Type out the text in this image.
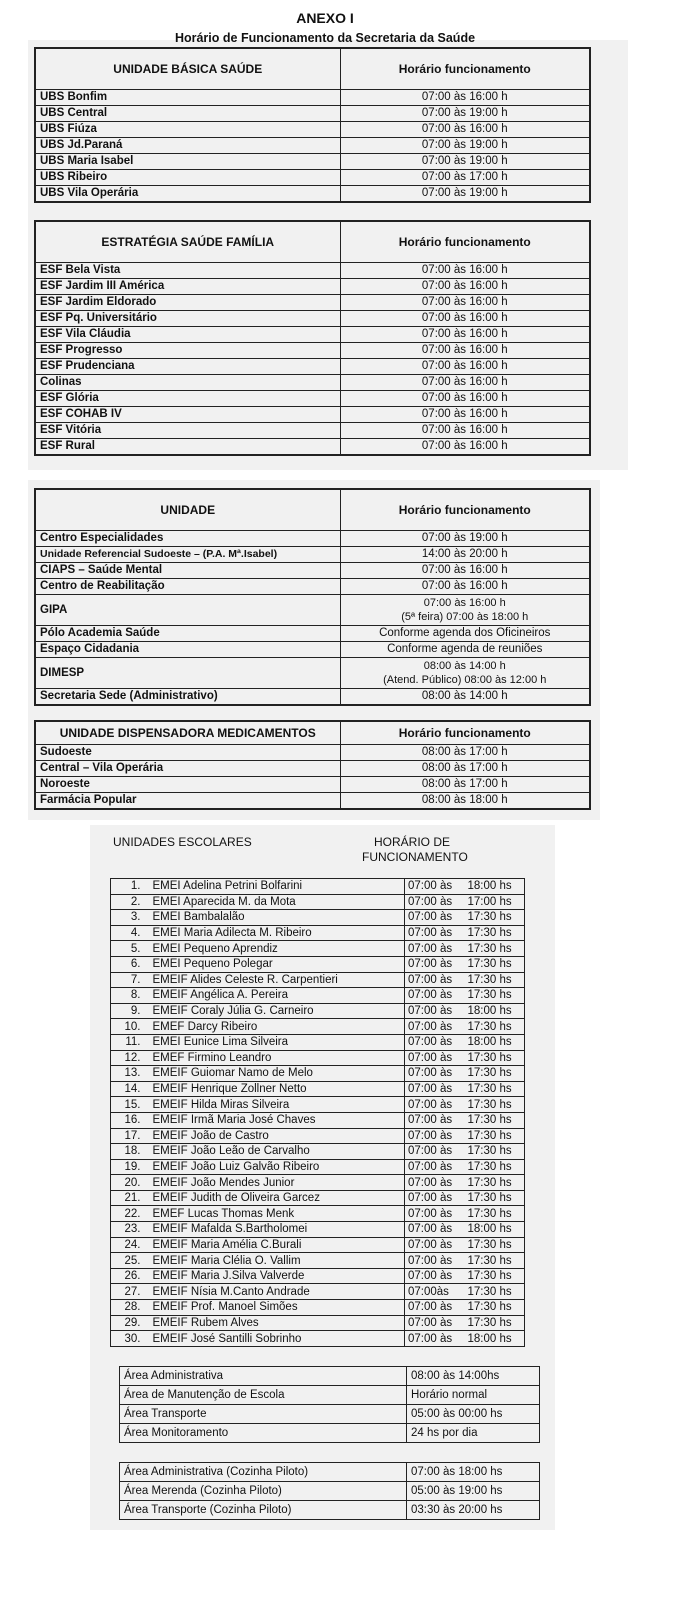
ANEXO I
Horário de Funcionamento da Secretaria da Saúde
UNIDADE BÁSICA SAÚDE	Horário funcionamento
UBS Bonfim	07:00 às 16:00 h
UBS Central	07:00 às 19:00 h
UBS Fiúza	07:00 às 16:00 h
UBS Jd.Paraná	07:00 às 19:00 h
UBS Maria Isabel	07:00 às 19:00 h
UBS Ribeiro	07:00 às 17:00 h
UBS Vila Operária	07:00 às 19:00 h
ESTRATÉGIA SAÚDE FAMÍLIA	Horário funcionamento
ESF Bela Vista	07:00 às 16:00 h
ESF Jardim III América	07:00 às 16:00 h
ESF Jardim Eldorado	07:00 às 16:00 h
ESF Pq. Universitário	07:00 às 16:00 h
ESF Vila Cláudia	07:00 às 16:00 h
ESF Progresso	07:00 às 16:00 h
ESF Prudenciana	07:00 às 16:00 h
Colinas	07:00 às 16:00 h
ESF Glória	07:00 às 16:00 h
ESF COHAB IV	07:00 às 16:00 h
ESF Vitória	07:00 às 16:00 h
ESF Rural	07:00 às 16:00 h
UNIDADE	Horário funcionamento
Centro Especialidades	07:00 às 19:00 h
Unidade Referencial Sudoeste – (P.A. Mª.Isabel)	14:00 às 20:00 h
CIAPS – Saúde Mental	07:00 às 16:00 h
Centro de Reabilitação	07:00 às 16:00 h
GIPA	07:00 às 16:00 h
(5ª feira) 07:00 às 18:00 h

Pólo Academia Saúde	Conforme agenda dos Oficineiros
Espaço Cidadania	Conforme agenda de reuniões
DIMESP	08:00 às 14:00 h
(Atend. Público) 08:00 às 12:00 h

Secretaria Sede (Administrativo)	08:00 às 14:00 h
UNIDADE DISPENSADORA MEDICAMENTOS	Horário funcionamento
Sudoeste	08:00 às 17:00 h
Central – Vila Operária	08:00 às 17:00 h
Noroeste	08:00 às 17:00 h
Farmácia Popular	08:00 às 18:00 h
UNIDADES ESCOLARES	HORÁRIO DE
FUNCIONAMENTO
1.	EMEI Adelina Petrini Bolfarini	07:00 às	18:00 hs
2.	EMEI Aparecida M. da Mota	07:00 às	17:00 hs
3.	EMEI Bambalalão	07:00 às	17:30 hs
4.	EMEI Maria Adilecta M. Ribeiro	07:00 às	17:30 hs
5.	EMEI Pequeno Aprendiz	07:00 às	17:30 hs
6.	EMEI Pequeno Polegar	07:00 às	17:30 hs
7.	EMEIF Alides Celeste R. Carpentieri	07:00 às	17:30 hs
8.	EMEIF Angélica A. Pereira	07:00 às	17:30 hs
9.	EMEIF Coraly Júlia G. Carneiro	07:00 às	18:00 hs
10.	EMEF Darcy Ribeiro	07:00 às	17:30 hs
11.	EMEI Eunice Lima Silveira	07:00 às	18:00 hs
12.	EMEF Firmino Leandro	07:00 às	17:30 hs
13.	EMEIF Guiomar Namo de Melo	07:00 às	17:30 hs
14.	EMEIF Henrique Zollner Netto	07:00 às	17:30 hs
15.	EMEIF Hilda Miras Silveira	07:00 às	17:30 hs
16.	EMEIF Irmã Maria José Chaves	07:00 às	17:30 hs
17.	EMEIF João de Castro	07:00 às	17:30 hs
18.	EMEIF João Leão de Carvalho	07:00 às	17:30 hs
19.	EMEIF João Luiz Galvão Ribeiro	07:00 às	17:30 hs
20.	EMEIF João Mendes Junior	07:00 às	17:30 hs
21.	EMEIF Judith de Oliveira Garcez	07:00 às	17:30 hs
22.	EMEF Lucas Thomas Menk	07:00 às	17:30 hs
23.	EMEIF Mafalda S.Bartholomei	07:00 às	18:00 hs
24.	EMEIF Maria Amélia C.Burali	07:00 às	17:30 hs
25.	EMEIF Maria Clélia O. Vallim	07:00 às	17:30 hs
26.	EMEIF Maria J.Silva Valverde	07:00 às	17:30 hs
27.	EMEIF Nísia M.Canto Andrade	07:00às	17:30 hs
28.	EMEIF Prof. Manoel Simões	07:00 às	17:30 hs
29.	EMEIF Rubem Alves	07:00 às	17:30 hs
30.	EMEIF José Santilli Sobrinho	07:00 às	18:00 hs
Área Administrativa	08:00 às 14:00hs
Área de Manutenção de Escola	Horário normal
Área Transporte	05:00 às 00:00 hs
Área Monitoramento	24 hs por dia
Área Administrativa (Cozinha Piloto)	07:00 às 18:00 hs
Área Merenda (Cozinha Piloto)	05:00 às 19:00 hs
Área Transporte (Cozinha Piloto)	03:30 às 20:00 hs
